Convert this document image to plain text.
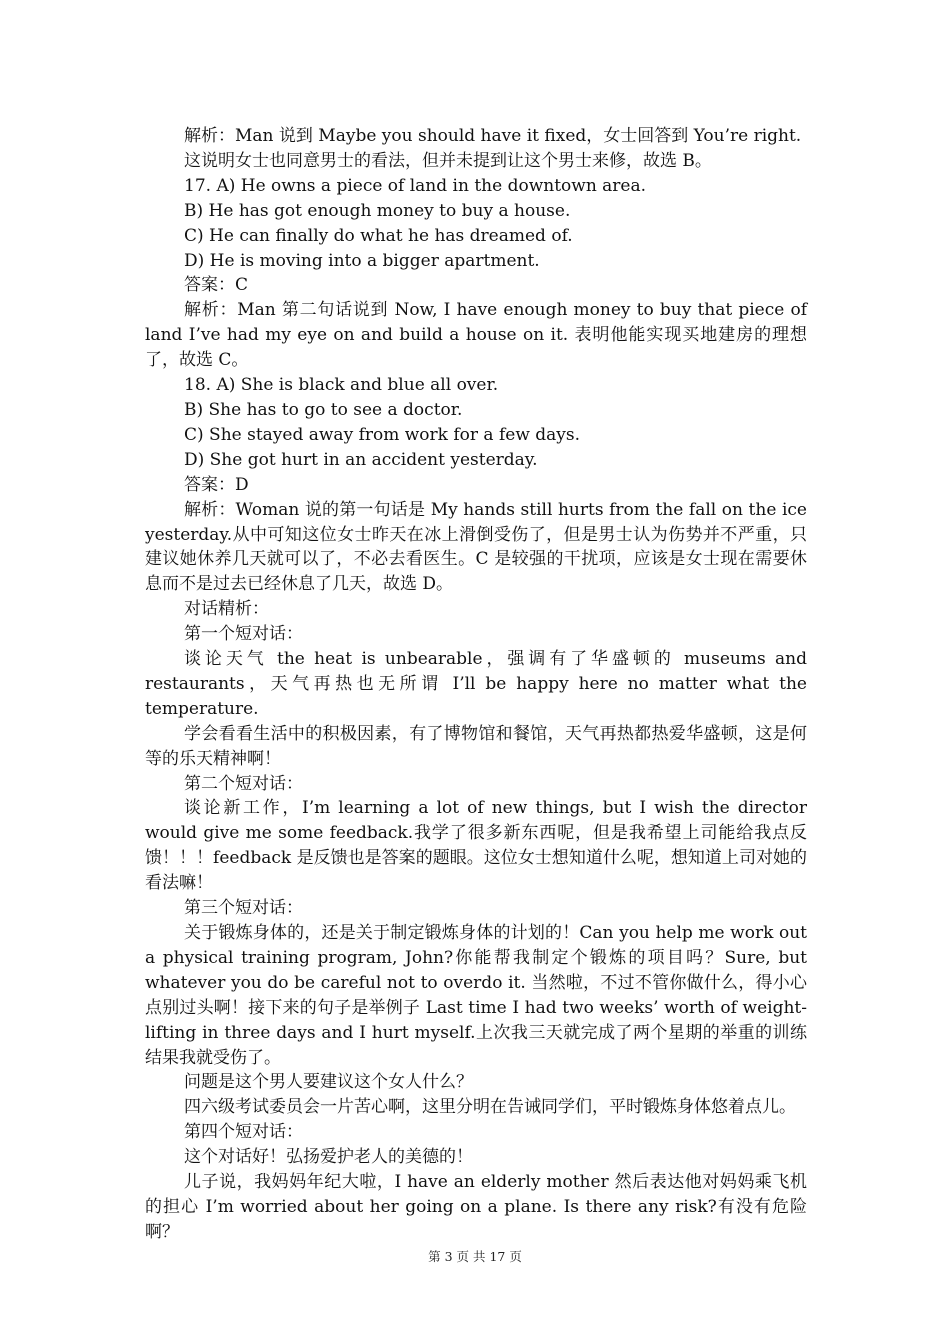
解析：Man 说到 Maybe you should have it fixed，女士回答到 You’re right.

这说明女士也同意男士的看法，但并未提到让这个男士来修，故选 B。

17. A) He owns a piece of land in the downtown area.

B) He has got enough money to buy a house.

C) He can finally do what he has dreamed of.

D) He is moving into a bigger apartment.

答案：C

解析：Man 第二句话说到 Now, I have enough money to buy that piece of land I’ve had my eye on and build a house on it. 表明他能实现买地建房的理想了，故选 C。

18. A) She is black and blue all over.

B) She has to go to see a doctor.

C) She stayed away from work for a few days.

D) She got hurt in an accident yesterday.

答案：D

解析：Woman 说的第一句话是 My hands still hurts from the fall on the ice yesterday.从中可知这位女士昨天在冰上滑倒受伤了，但是男士认为伤势并不严重，只建议她休养几天就可以了，不必去看医生。C 是较强的干扰项，应该是女士现在需要休息而不是过去已经休息了几天，故选 D。

对话精析：

第一个短对话：

谈论天气 the heat is unbearable，强调有了华盛顿的 museums and restaurants，天气再热也无所谓 I’ll be happy here no matter what the temperature.

学会看看生活中的积极因素，有了博物馆和餐馆，天气再热都热爱华盛顿，这是何等的乐天精神啊！

第二个短对话：

谈论新工作，I’m learning a lot of new things, but I wish the director would give me some feedback.我学了很多新东西呢，但是我希望上司能给我点反馈！！！feedback 是反馈也是答案的题眼。这位女士想知道什么呢，想知道上司对她的看法嘛！

第三个短对话：

关于锻炼身体的，还是关于制定锻炼身体的计划的！Can you help me work out a physical training program, John?你能帮我制定个锻炼的项目吗？Sure, but whatever you do be careful not to overdo it. 当然啦，不过不管你做什么，得小心点别过头啊！接下来的句子是举例子 Last time I had two weeks’ worth of weight-lifting in three days and I hurt myself.上次我三天就完成了两个星期的举重的训练结果我就受伤了。

问题是这个男人要建议这个女人什么？

四六级考试委员会一片苦心啊，这里分明在告诫同学们，平时锻炼身体悠着点儿。

第四个短对话：

这个对话好！弘扬爱护老人的美德的！

儿子说，我妈妈年纪大啦，I have an elderly mother 然后表达他对妈妈乘飞机的担心 I’m worried about her going on a plane. Is there any risk?有没有危险啊？

第 3 页 共 17 页
